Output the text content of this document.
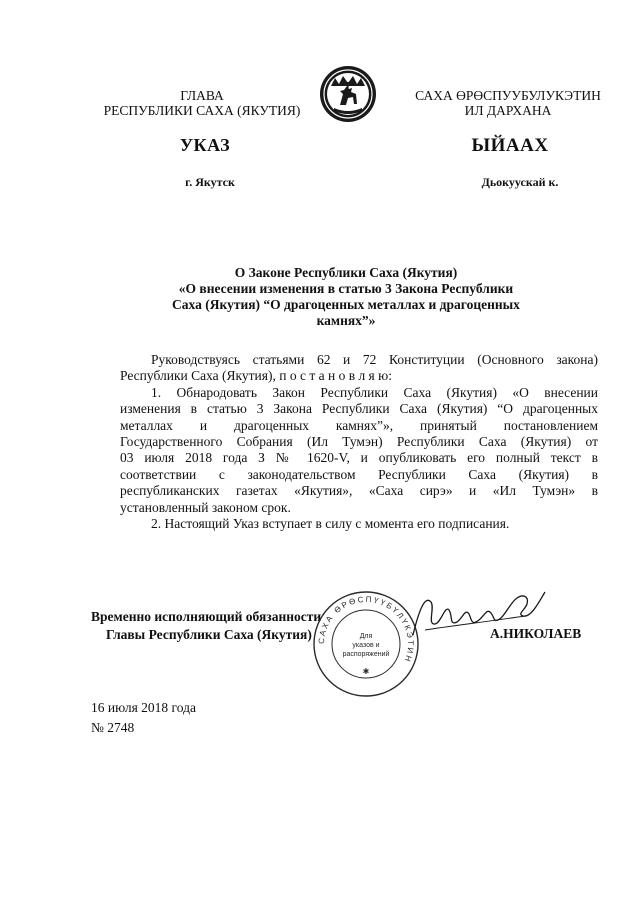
ГЛАВА
РЕСПУБЛИКИ САХА (ЯКУТИЯ)
САХА ӨРӨСПУУБУЛУКЭТИН
ИЛ ДАРХАНА
УКАЗ	ЫЙААХ
г. Якутск	Дьокуускай к.
О Законе Республики Саха (Якутия)
«О внесении изменения в статью 3 Закона Республики
Саха (Якутия) “О драгоценных металлах и драгоценных
камнях”»

Руководствуясь статьями 62 и 72 Конституции (Основного закона)

Республики Саха (Якутия), п о с т а н о в л я ю:

1. Обнародовать Закон Республики Саха (Якутия) «О внесении

изменения в статью 3 Закона Республики Саха (Якутия) “О драгоценных

металлах и драгоценных камнях”», принятый постановлением

Государственного Собрания (Ил Тумэн) Республики Саха (Якутия) от

03 июля 2018 года З № 1620-V, и опубликовать его полный текст в

соответствии с законодательством Республики Саха (Якутия) в

республиканских газетах «Якутия», «Саха сирэ» и «Ил Тумэн» в

установленный законом срок.

2. Настоящий Указ вступает в силу с момента его подписания.

Временно исполняющий обязанности
Главы Республики Саха (Якутия) САХА ӨРӨСПҮҮБҮЛҮКЭТИН
Для
указов и
распоряжений
✱
А.НИКОЛАЕВ
16 июля 2018 года
№ 2748
